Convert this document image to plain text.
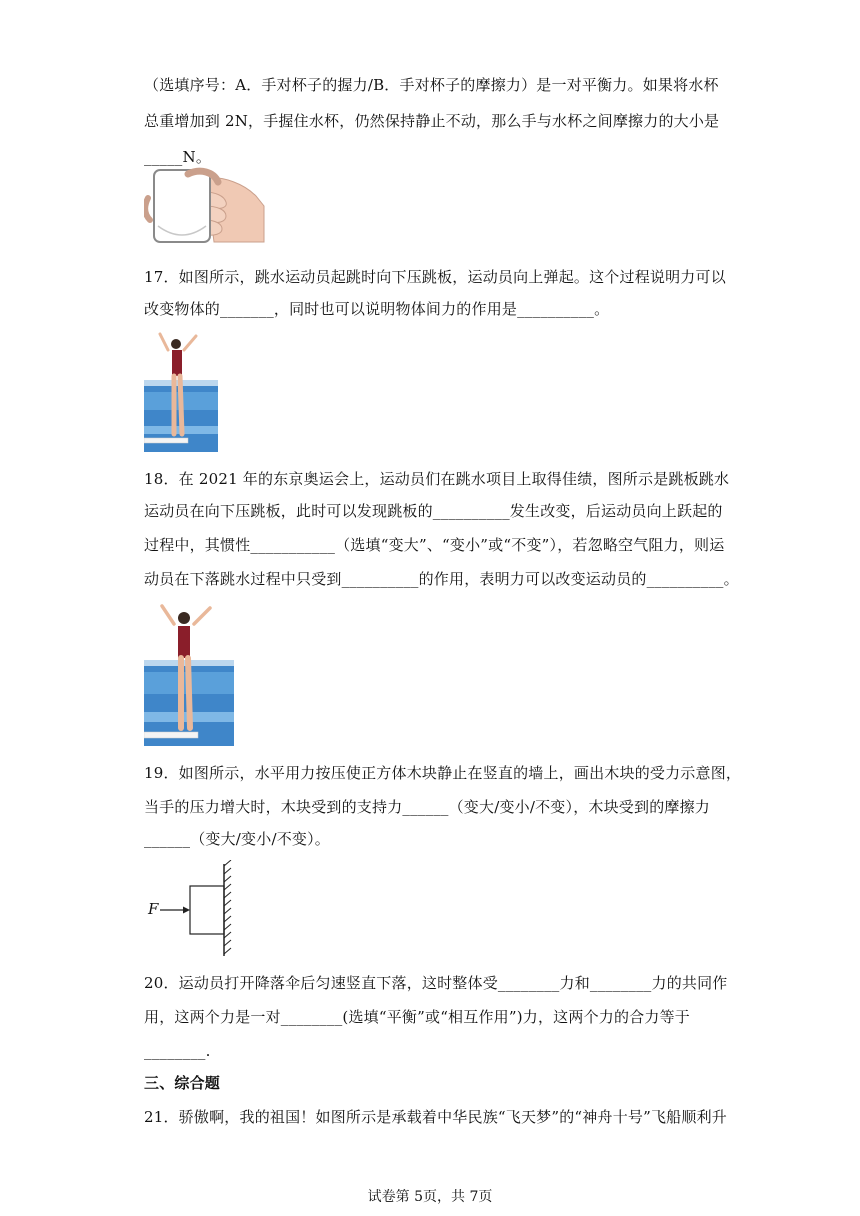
（选填序号：A．手对杯子的握力/B．手对杯子的摩擦力）是一对平衡力。如果将水杯
总重增加到 2N，手握住水杯，仍然保持静止不动，那么手与水杯之间摩擦力的大小是
_____N。
17．如图所示，跳水运动员起跳时向下压跳板，运动员向上弹起。这个过程说明力可以
改变物体的_______，同时也可以说明物体间力的作用是__________。
18．在 2021 年的东京奥运会上，运动员们在跳水项目上取得佳绩，图所示是跳板跳水
运动员在向下压跳板，此时可以发现跳板的__________发生改变，后运动员向上跃起的
过程中，其惯性___________（选填“变大”、“变小”或“不变”），若忽略空气阻力，则运
动员在下落跳水过程中只受到__________的作用，表明力可以改变运动员的__________。
19．如图所示，水平用力按压使正方体木块静止在竖直的墙上，画出木块的受力示意图，
当手的压力增大时，木块受到的支持力______（变大/变小/不变），木块受到的摩擦力
______（变大/变小/不变）。
F
20．运动员打开降落伞后匀速竖直下落，这时整体受________力和________力的共同作
用，这两个力是一对________(选填“平衡”或“相互作用”)力，这两个力的合力等于
________.
三、综合题
21．骄傲啊，我的祖国！如图所示是承载着中华民族“飞天梦”的“神舟十号”飞船顺利升
试卷第 5页，共 7页
